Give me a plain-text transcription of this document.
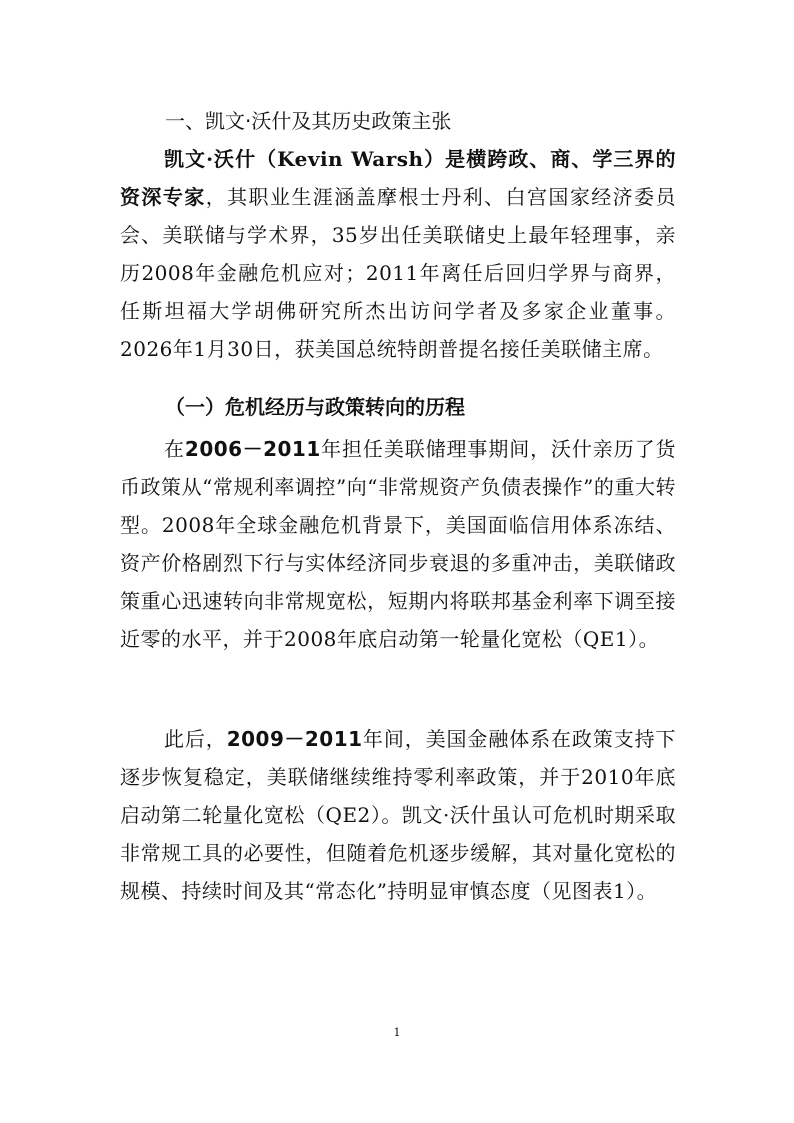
一、凯文·沃什及其历史政策主张

凯文·沃什（Kevin Warsh）是横跨政、商、学三界的资深专家，其职业生涯涵盖摩根士丹利、白宫国家经济委员会、美联储与学术界，35岁出任美联储史上最年轻理事，亲历2008年金融危机应对；2011年离任后回归学界与商界，任斯坦福大学胡佛研究所杰出访问学者及多家企业董事。2026年1月30日，获美国总统特朗普提名接任美联储主席。

（一）危机经历与政策转向的历程

在2006－2011年担任美联储理事期间，沃什亲历了货币政策从“常规利率调控”向“非常规资产负债表操作”的重大转型。2008年全球金融危机背景下，美国面临信用体系冻结、资产价格剧烈下行与实体经济同步衰退的多重冲击，美联储政策重心迅速转向非常规宽松，短期内将联邦基金利率下调至接近零的水平，并于2008年底启动第一轮量化宽松（QE1）。

此后，2009－2011年间，美国金融体系在政策支持下逐步恢复稳定，美联储继续维持零利率政策，并于2010年底启动第二轮量化宽松（QE2）。凯文·沃什虽认可危机时期采取非常规工具的必要性，但随着危机逐步缓解，其对量化宽松的规模、持续时间及其“常态化”持明显审慎态度（见图表1）。

1
